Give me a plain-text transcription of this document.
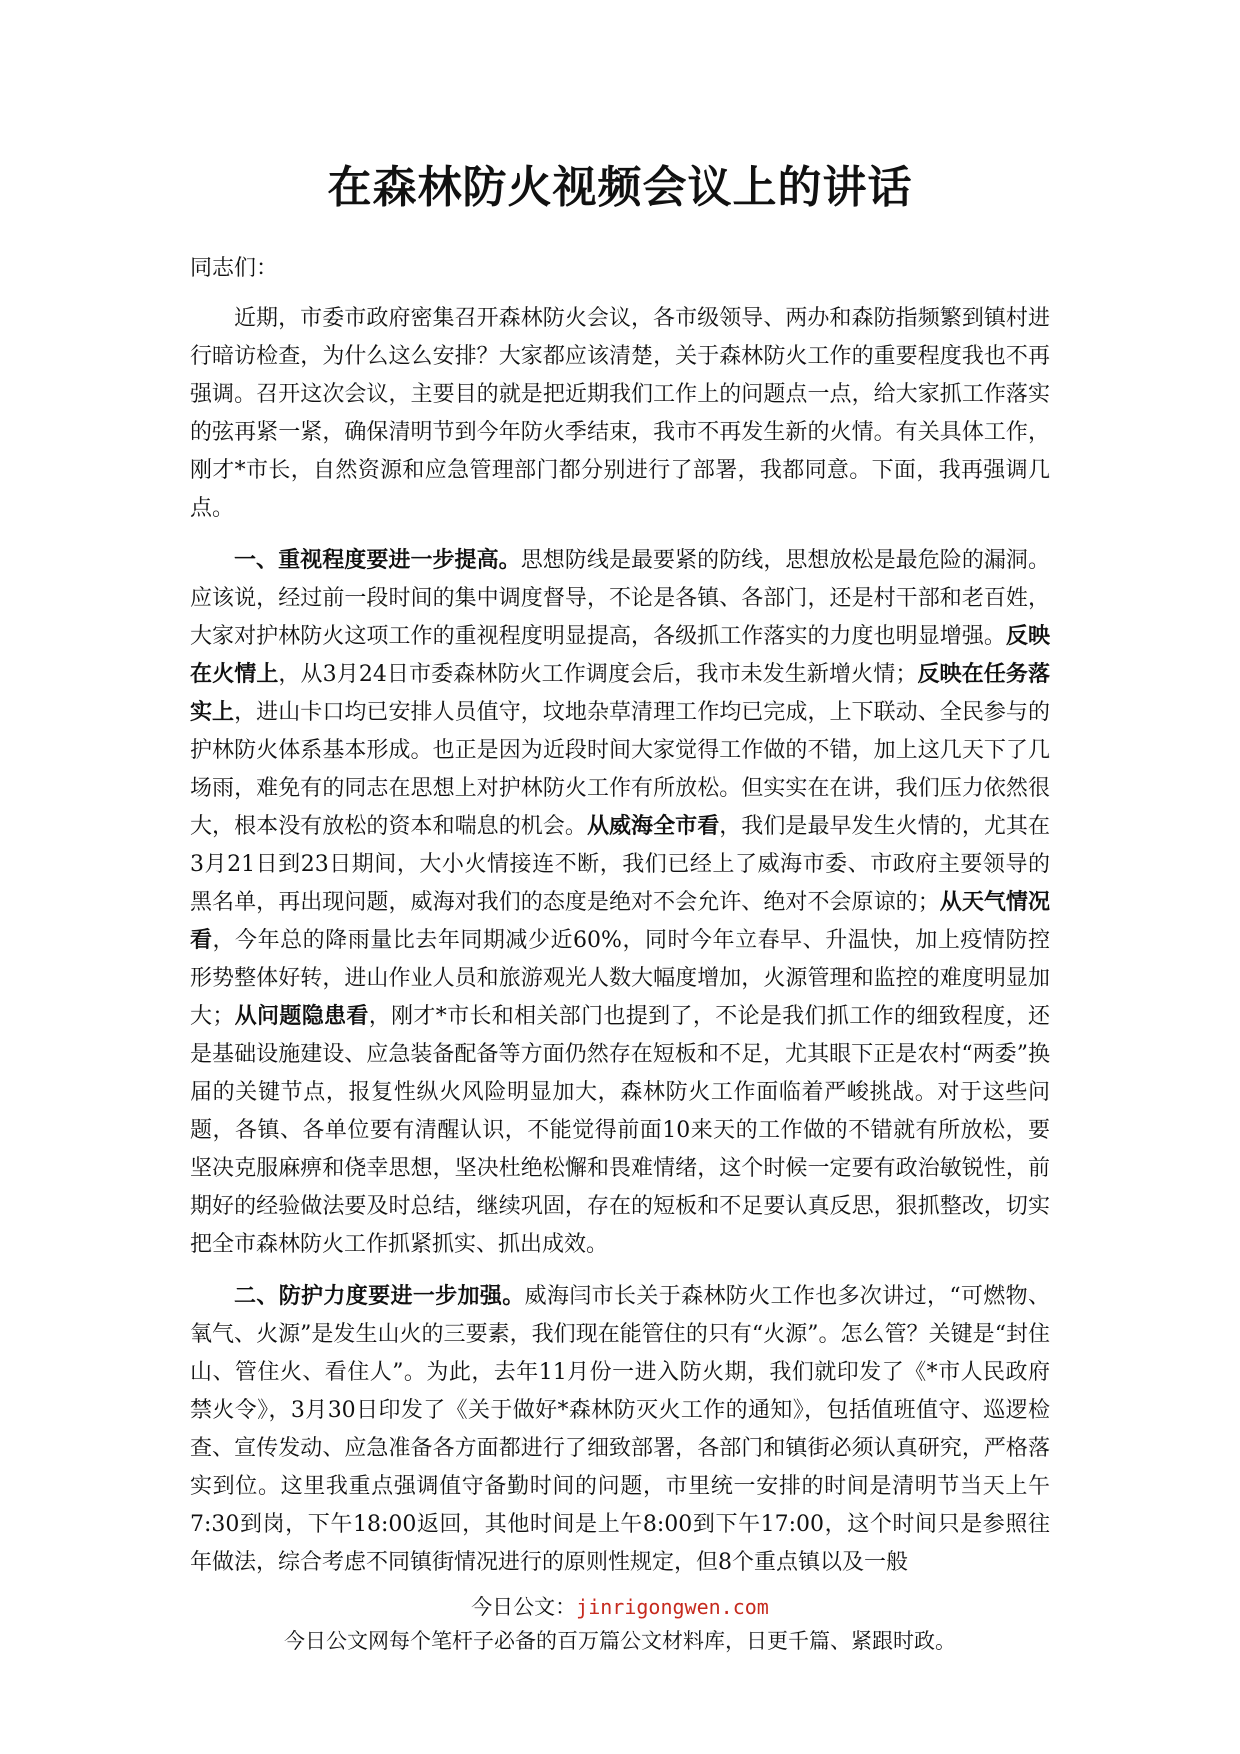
在森林防火视频会议上的讲话

同志们：

近期，市委市政府密集召开森林防火会议，各市级领导、两办和森防指频繁到镇村进行暗访检查，为什么这么安排？大家都应该清楚，关于森林防火工作的重要程度我也不再强调。召开这次会议，主要目的就是把近期我们工作上的问题点一点，给大家抓工作落实的弦再紧一紧，确保清明节到今年防火季结束，我市不再发生新的火情。有关具体工作，刚才*市长，自然资源和应急管理部门都分别进行了部署，我都同意。下面，我再强调几点。

一、重视程度要进一步提高。思想防线是最要紧的防线，思想放松是最危险的漏洞。应该说，经过前一段时间的集中调度督导，不论是各镇、各部门，还是村干部和老百姓，大家对护林防火这项工作的重视程度明显提高，各级抓工作落实的力度也明显增强。反映在火情上，从3月24日市委森林防火工作调度会后，我市未发生新增火情；反映在任务落实上，进山卡口均已安排人员值守，坟地杂草清理工作均已完成，上下联动、全民参与的护林防火体系基本形成。也正是因为近段时间大家觉得工作做的不错，加上这几天下了几场雨，难免有的同志在思想上对护林防火工作有所放松。但实实在在讲，我们压力依然很大，根本没有放松的资本和喘息的机会。从威海全市看，我们是最早发生火情的，尤其在3月21日到23日期间，大小火情接连不断，我们已经上了威海市委、市政府主要领导的黑名单，再出现问题，威海对我们的态度是绝对不会允许、绝对不会原谅的；从天气情况看，今年总的降雨量比去年同期减少近60%，同时今年立春早、升温快，加上疫情防控形势整体好转，进山作业人员和旅游观光人数大幅度增加，火源管理和监控的难度明显加大；从问题隐患看，刚才*市长和相关部门也提到了，不论是我们抓工作的细致程度，还是基础设施建设、应急装备配备等方面仍然存在短板和不足，尤其眼下正是农村“两委”换届的关键节点，报复性纵火风险明显加大，森林防火工作面临着严峻挑战。对于这些问题，各镇、各单位要有清醒认识，不能觉得前面10来天的工作做的不错就有所放松，要坚决克服麻痹和侥幸思想，坚决杜绝松懈和畏难情绪，这个时候一定要有政治敏锐性，前期好的经验做法要及时总结，继续巩固，存在的短板和不足要认真反思，狠抓整改，切实把全市森林防火工作抓紧抓实、抓出成效。

二、防护力度要进一步加强。威海闫市长关于森林防火工作也多次讲过，“可燃物、氧气、火源”是发生山火的三要素，我们现在能管住的只有“火源”。怎么管？关键是“封住山、管住火、看住人”。为此，去年11月份一进入防火期，我们就印发了《*市人民政府禁火令》，3月30日印发了《关于做好*森林防灭火工作的通知》，包括值班值守、巡逻检查、宣传发动、应急准备各方面都进行了细致部署，各部门和镇街必须认真研究，严格落实到位。这里我重点强调值守备勤时间的问题，市里统一安排的时间是清明节当天上午7:30到岗，下午18:00返回，其他时间是上午8:00到下午17:00，这个时间只是参照往年做法，综合考虑不同镇街情况进行的原则性规定，但8个重点镇以及一般

今日公文：jinrigongwen.com
今日公文网每个笔杆子必备的百万篇公文材料库，日更千篇、紧跟时政。
